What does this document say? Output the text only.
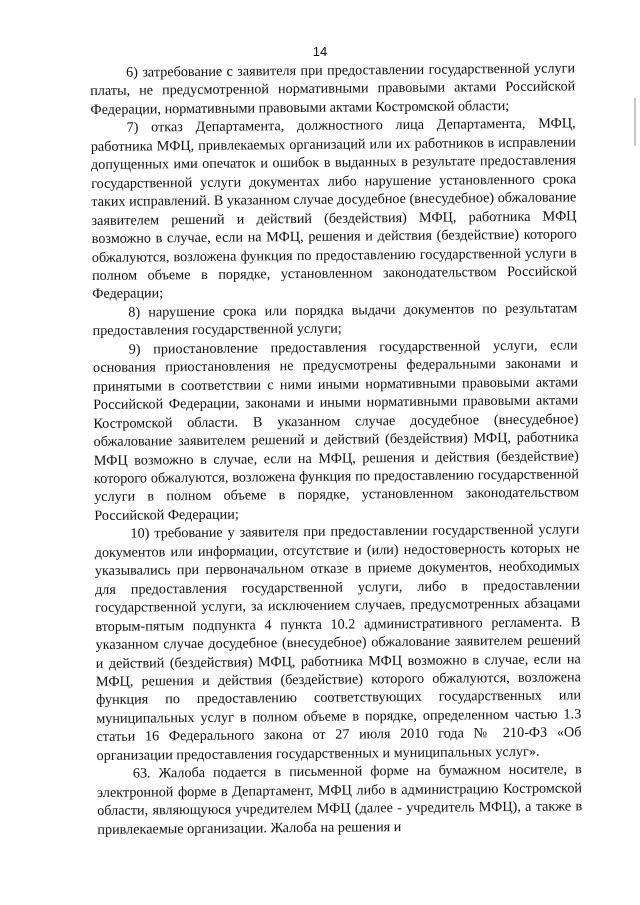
14

6) затребование с заявителя при предоставлении государственной услуги платы, не предусмотренной нормативными правовыми актами Российской Федерации, нормативными правовыми актами Костромской области;

7) отказ Департамента, должностного лица Департамента, МФЦ, работника МФЦ, привлекаемых организаций или их работников в исправлении допущенных ими опечаток и ошибок в выданных в результате предоставления государственной услуги документах либо нарушение установленного срока таких исправлений. В указанном случае досудебное (внесудебное) обжалование заявителем решений и действий (бездействия) МФЦ, работника МФЦ возможно в случае, если на МФЦ, решения и действия (бездействие) которого обжалуются, возложена функция по предоставлению государственной услуги в полном объеме в порядке, установленном законодательством Российской Федерации;

8) нарушение срока или порядка выдачи документов по результатам предоставления государственной услуги;

9) приостановление предоставления государственной услуги, если основания приостановления не предусмотрены федеральными законами и принятыми в соответствии с ними иными нормативными правовыми актами Российской Федерации, законами и иными нормативными правовыми актами Костромской области. В указанном случае досудебное (внесудебное) обжалование заявителем решений и действий (бездействия) МФЦ, работника МФЦ возможно в случае, если на МФЦ, решения и действия (бездействие) которого обжалуются, возложена функция по предоставлению государственной услуги в полном объеме в порядке, установленном законодательством Российской Федерации;

10) требование у заявителя при предоставлении государственной услуги документов или информации, отсутствие и (или) недостоверность которых не указывались при первоначальном отказе в приеме документов, необходимых для предоставления государственной услуги, либо в предоставлении государственной услуги, за исключением случаев, предусмотренных абзацами вторым-пятым подпункта 4 пункта 10.2 административного регламента. В указанном случае досудебное (внесудебное) обжалование заявителем решений и действий (бездействия) МФЦ, работника МФЦ возможно в случае, если на МФЦ, решения и действия (бездействие) которого обжалуются, возложена функция по предоставлению соответствующих государственных или муниципальных услуг в полном объеме в порядке, определенном частью 1.3 статьи 16 Федерального закона от 27 июля 2010 года № 210-ФЗ «Об организации предоставления государственных и муниципальных услуг».

63. Жалоба подается в письменной форме на бумажном носителе, в электронной форме в Департамент, МФЦ либо в администрацию Костромской области, являющуюся учредителем МФЦ (далее - учредитель МФЦ), а также в привлекаемые организации. Жалоба на решения и
